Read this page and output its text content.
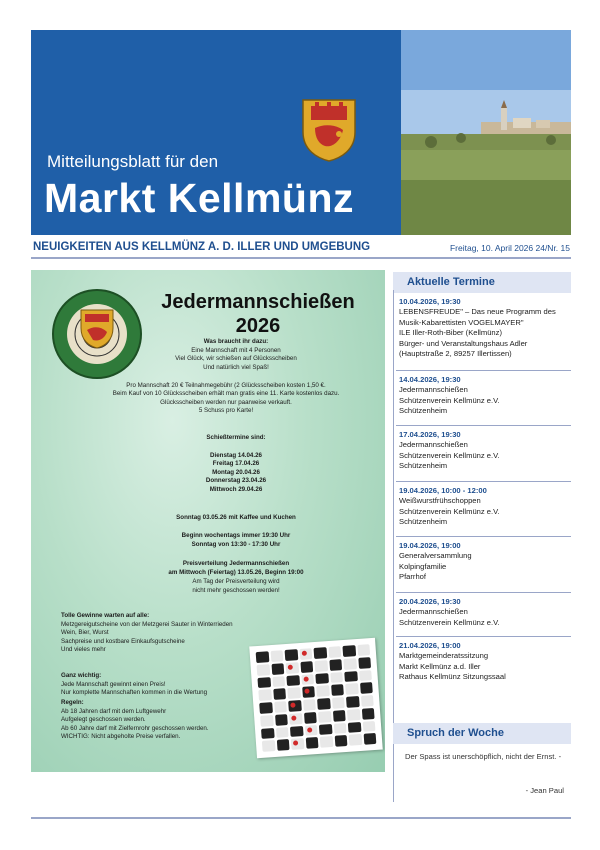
Mitteilungsblatt für den
Markt Kellmünz
NEUIGKEITEN AUS KELLMÜNZ A. D. ILLER UND UMGEBUNG	Freitag, 10. April 2026 24/Nr. 15
Jedermannschießen
2026
Was braucht ihr dazu:
Eine Mannschaft mit 4 Personen
Viel Glück, wir schießen auf Glücksscheiben
Und natürlich viel Spaß!
Pro Mannschaft 20 € Teilnahmegebühr (2 Glücksscheiben kosten 1,50 €.
Beim Kauf von 10 Glücksscheiben erhält man gratis eine 11. Karte kostenlos dazu.
Glücksscheiben werden nur paarweise verkauft.
5 Schuss pro Karte!
Schießtermine sind:
Dienstag 14.04.26
Freitag 17.04.26
Montag 20.04.26
Donnerstag 23.04.26
Mittwoch 29.04.26
Sonntag 03.05.26 mit Kaffee und Kuchen
Beginn wochentags immer 19:30 Uhr
Sonntag von 13:30 - 17:30 Uhr
Preisverteilung Jedermannschießen
am Mittwoch (Feiertag) 13.05.26, Beginn 19:00
Am Tag der Preisverteilung wird
nicht mehr geschossen werden!
Tolle Gewinne warten auf alle:
Metzgereigutscheine von der Metzgerei Sauter in Winterrieden
Wein, Bier, Wurst
Sachpreise und kostbare Einkaufsgutscheine
Und vieles mehr
Ganz wichtig:
Jede Mannschaft gewinnt einen Preis!
Nur komplette Mannschaften kommen in die Wertung
Regeln:
Ab 18 Jahren darf mit dem Luftgewehr
Aufgelegt geschossen werden.
Ab 60 Jahre darf mit Zielfernrohr geschossen werden.
WICHTIG: Nicht abgeholte Preise verfallen.
Aktuelle Termine
10.04.2026, 19:30
LEBENSFREUDE" – Das neue Programm des Musik-Kabarettisten VOGELMAYER"
ILE Iller-Roth-Biber (Kellmünz)
Bürger- und Veranstaltungshaus Adler (Hauptstraße 2, 89257 Illertissen)
14.04.2026, 19:30
Jedermannschießen
Schützenverein Kellmünz e.V.
Schützenheim
17.04.2026, 19:30
Jedermannschießen
Schützenverein Kellmünz e.V.
Schützenheim
19.04.2026, 10:00 - 12:00
Weißwurstfrühschoppen
Schützenverein Kellmünz e.V.
Schützenheim
19.04.2026, 19:00
Generalversammlung
Kolpingfamilie
Pfarrhof
20.04.2026, 19:30
Jedermannschießen
Schützenverein Kellmünz e.V.
21.04.2026, 19:00
Marktgemeinderatssitzung
Markt Kellmünz a.d. Iller
Rathaus Kellmünz Sitzungssaal
Spruch der Woche
Der Spass ist unerschöpflich, nicht der Ernst. -
- Jean Paul
